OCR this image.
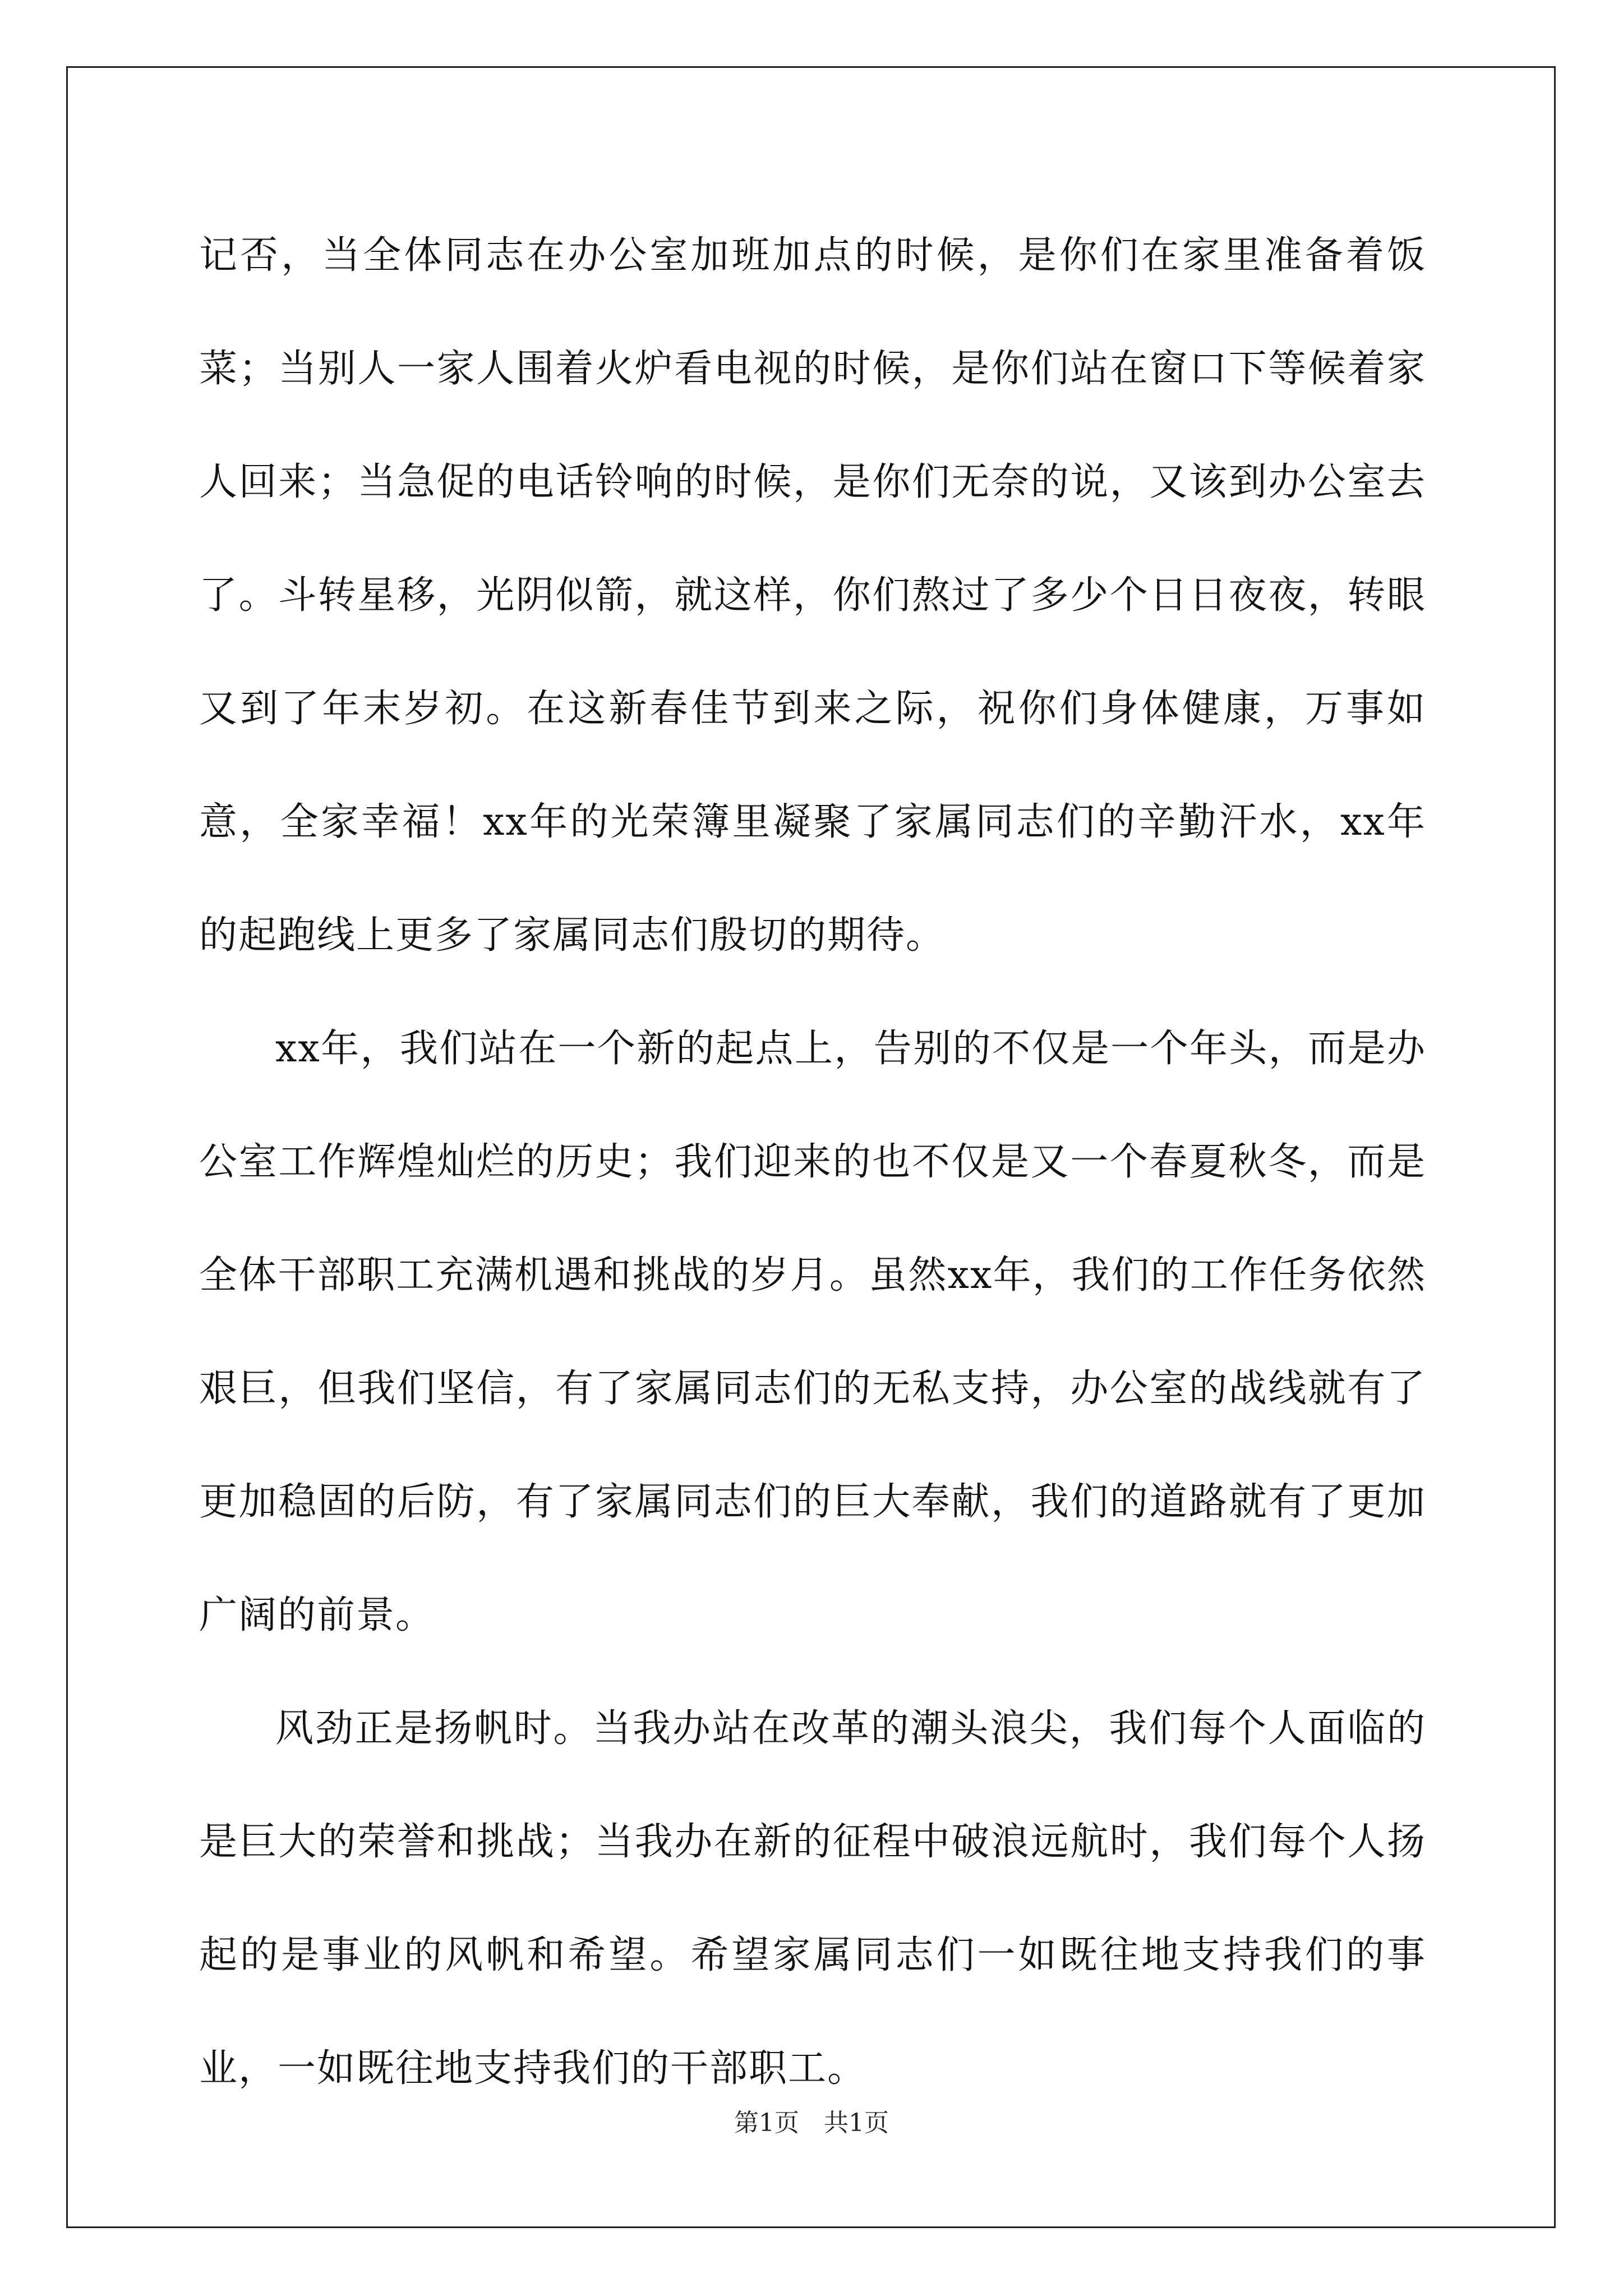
记否，当全体同志在办公室加班加点的时候，是你们在家里准备着饭菜；当别人一家人围着火炉看电视的时候，是你们站在窗口下等候着家人回来；当急促的电话铃响的时候，是你们无奈的说，又该到办公室去了。斗转星移，光阴似箭，就这样，你们熬过了多少个日日夜夜，转眼又到了年末岁初。在这新春佳节到来之际，祝你们身体健康，万事如意，全家幸福！xx年的光荣簿里凝聚了家属同志们的辛勤汗水，xx年的起跑线上更多了家属同志们殷切的期待。

xx年，我们站在一个新的起点上，告别的不仅是一个年头，而是办公室工作辉煌灿烂的历史；我们迎来的也不仅是又一个春夏秋冬，而是全体干部职工充满机遇和挑战的岁月。虽然xx年，我们的工作任务依然艰巨，但我们坚信，有了家属同志们的无私支持，办公室的战线就有了更加稳固的后防，有了家属同志们的巨大奉献，我们的道路就有了更加广阔的前景。

风劲正是扬帆时。当我办站在改革的潮头浪尖，我们每个人面临的是巨大的荣誉和挑战；当我办在新的征程中破浪远航时，我们每个人扬起的是事业的风帆和希望。希望家属同志们一如既往地支持我们的事业，一如既往地支持我们的干部职工。

第1页 共1页
